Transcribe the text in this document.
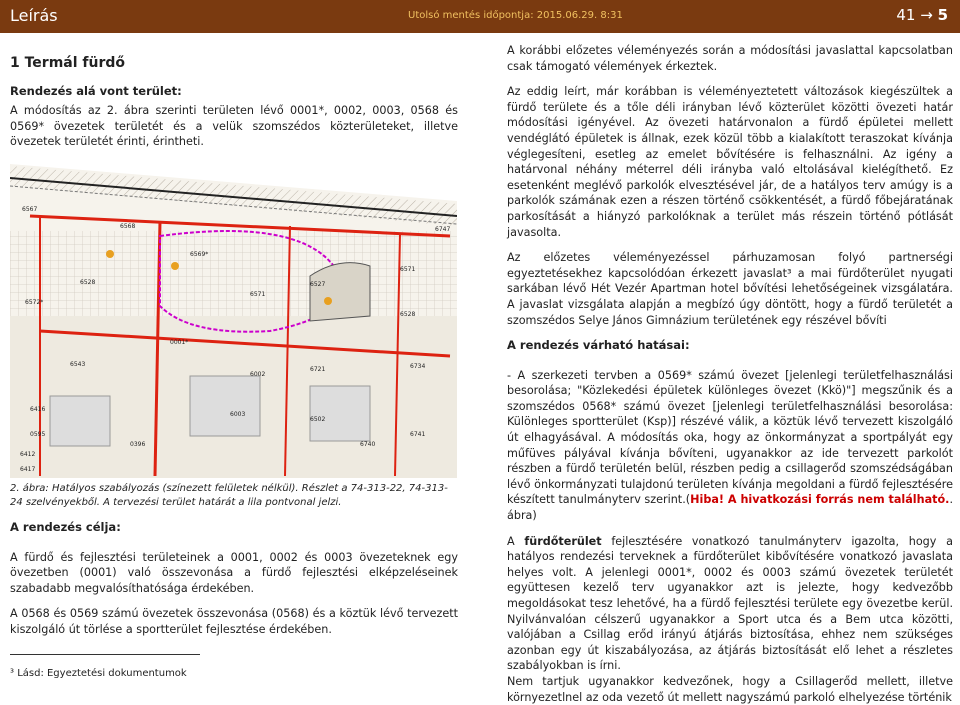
Leírás	Utolsó mentés időpontja: 2015.06.29. 8:31	41 → 5

1 Termál fürdő

Rendezés alá vont terület:

A módosítás az 2. ábra szerinti területen lévő 0001*, 0002, 0003, 0568 és 0569* övezetek területét és a velük szomszédos közterületeket, illetve övezetek területét érinti, érintheti.

6567
6568
6569*
6528
6572*
6571
0001*
6002
6003
6571
6721	6734
6741
6740
6416
0595
0396
6417
6412
6527
6528
6747
6543
6502

2. ábra: Hatályos szabályozás (színezett felületek nélkül). Részlet a 74-313-22, 74-313-24 szelvényekből. A tervezési terület határát a lila pontvonal jelzi.

A rendezés célja:

A fürdő és fejlesztési területeinek a 0001, 0002 és 0003 övezeteknek egy övezetben (0001) való összevonása a fürdő fejlesztési elképzeléseinek szabadabb megvalósíthatósága érdekében.

A 0568 és 0569 számú övezetek összevonása (0568) és a köztük lévő tervezett kiszolgáló út törlése a sportterület fejlesztése érdekében.

A korábbi előzetes véleményezés során a módosítási javaslattal kapcsolatban csak támogató vélemények érkeztek.

Az eddig leírt, már korábban is véleményeztetett változások kiegészültek a fürdő területe és a tőle déli irányban lévő közterület közötti övezeti határ módosítási igényével. Az övezeti határvonalon a fürdő épületei mellett vendéglátó épületek is állnak, ezek közül több a kialakított teraszokat kívánja véglegesíteni, esetleg az emelet bővítésére is felhasználni. Az igény a határvonal néhány méterrel déli irányba való eltolásával kielégíthető. Ez esetenként meglévő parkolók elvesztésével jár, de a hatályos terv amúgy is a parkolók számának ezen a részen történő csökkentését, a fürdő főbejáratának parkosítását a hiányzó parkolóknak a terület más részein történő pótlását javasolta.

Az előzetes véleményezéssel párhuzamosan folyó partnerségi egyeztetésekhez kapcsolódóan érkezett javaslat³ a mai fürdőterület nyugati sarkában lévő Hét Vezér Apartman hotel bővítési lehetőségeinek vizsgálatára. A javaslat vizsgálata alapján a megbízó úgy döntött, hogy a fürdő területét a szomszédos Selye János Gimnázium területének egy részével bővíti

A rendezés várható hatásai:

- A szerkezeti tervben a 0569* számú övezet [jelenlegi területfelhasználási besorolása; "Közlekedési épületek különleges övezet (Kkö)"] megszűnik és a szomszédos 0568* számú övezet [jelenlegi területfelhasználási besorolása: Különleges sportterület (Ksp)] részévé válik, a köztük lévő tervezett kiszolgáló út elhagyásával. A módosítás oka, hogy az önkormányzat a sportpályát egy műfüves pályával kívánja bővíteni, ugyanakkor az ide tervezett parkolót részben a fürdő területén belül, részben pedig a csillagerőd szomszédságában lévő önkormányzati tulajdonú területen kívánja megoldani a fürdő fejlesztésére készített tanulmányterv szerint.(Hiba! A hivatkozási forrás nem található.. ábra)

A fürdőterület fejlesztésére vonatkozó tanulmányterv igazolta, hogy a hatályos rendezési terveknek a fürdőterület kibővítésére vonatkozó javaslata helyes volt. A jelenlegi 0001*, 0002 és 0003 számú övezetek területét együttesen kezelő terv ugyanakkor azt is jelezte, hogy kedvezőbb megoldásokat tesz lehetővé, ha a fürdő fejlesztési területe egy övezetbe kerül. Nyilvánvalóan célszerű ugyanakkor a Sport utca és a Bem utca közötti, valójában a Csillag erőd irányú átjárás biztosítása, ehhez nem szükséges azonban egy út kiszabályozása, az átjárás biztosítását elő lehet a részletes szabályokban is írni.

Nem tartjuk ugyanakkor kedvezőnek, hogy a Csillagerőd mellett, illetve környezetlnel az oda vezető út mellett nagyszámú parkoló elhelyezése történik

³ Lásd: Egyeztetési dokumentumok
